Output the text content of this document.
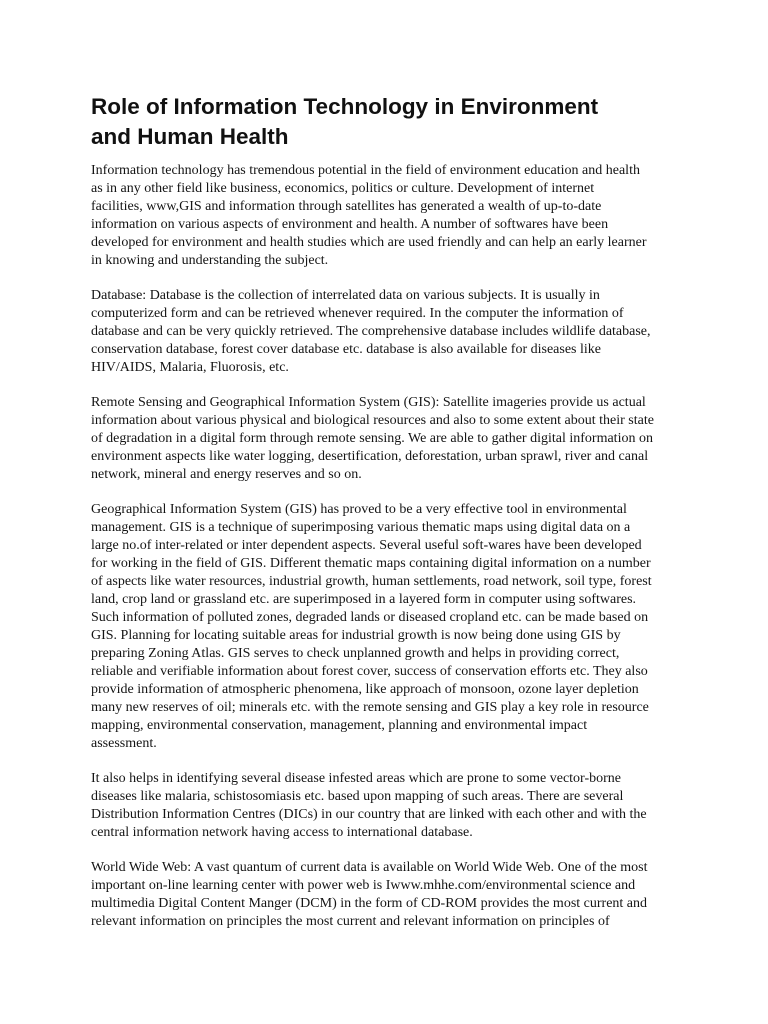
Role of Information Technology in Environment
and Human Health

Information technology has tremendous potential in the field of environment education and health
as in any other field like business, economics, politics or culture. Development of internet
facilities, www,GIS and information through satellites has generated a wealth of up-to-date
information on various aspects of environment and health. A number of softwares have been
developed for environment and health studies which are used friendly and can help an early learner
in knowing and understanding the subject.

Database: Database is the collection of interrelated data on various subjects. It is usually in
computerized form and can be retrieved whenever required. In the computer the information of
database and can be very quickly retrieved. The comprehensive database includes wildlife database,
conservation database, forest cover database etc. database is also available for diseases like
HIV/AIDS, Malaria, Fluorosis, etc.

Remote Sensing and Geographical Information System (GIS): Satellite imageries provide us actual
information about various physical and biological resources and also to some extent about their state
of degradation in a digital form through remote sensing. We are able to gather digital information on
environment aspects like water logging, desertification, deforestation, urban sprawl, river and canal
network, mineral and energy reserves and so on.

Geographical Information System (GIS) has proved to be a very effective tool in environmental
management. GIS is a technique of superimposing various thematic maps using digital data on a
large no.of inter-related or inter dependent aspects. Several useful soft-wares have been developed
for working in the field of GIS. Different thematic maps containing digital information on a number
of aspects like water resources, industrial growth, human settlements, road network, soil type, forest
land, crop land or grassland etc. are superimposed in a layered form in computer using softwares.
Such information of polluted zones, degraded lands or diseased cropland etc. can be made based on
GIS. Planning for locating suitable areas for industrial growth is now being done using GIS by
preparing Zoning Atlas. GIS serves to check unplanned growth and helps in providing correct,
reliable and verifiable information about forest cover, success of conservation efforts etc. They also
provide information of atmospheric phenomena, like approach of monsoon, ozone layer depletion
many new reserves of oil; minerals etc. with the remote sensing and GIS play a key role in resource
mapping, environmental conservation, management, planning and environmental impact
assessment.

It also helps in identifying several disease infested areas which are prone to some vector-borne
diseases like malaria, schistosomiasis etc. based upon mapping of such areas. There are several
Distribution Information Centres (DICs) in our country that are linked with each other and with the
central information network having access to international database.

World Wide Web: A vast quantum of current data is available on World Wide Web. One of the most
important on-line learning center with power web is Iwww.mhhe.com/environmental science and
multimedia Digital Content Manger (DCM) in the form of CD-ROM provides the most current and
relevant information on principles the most current and relevant information on principles of
